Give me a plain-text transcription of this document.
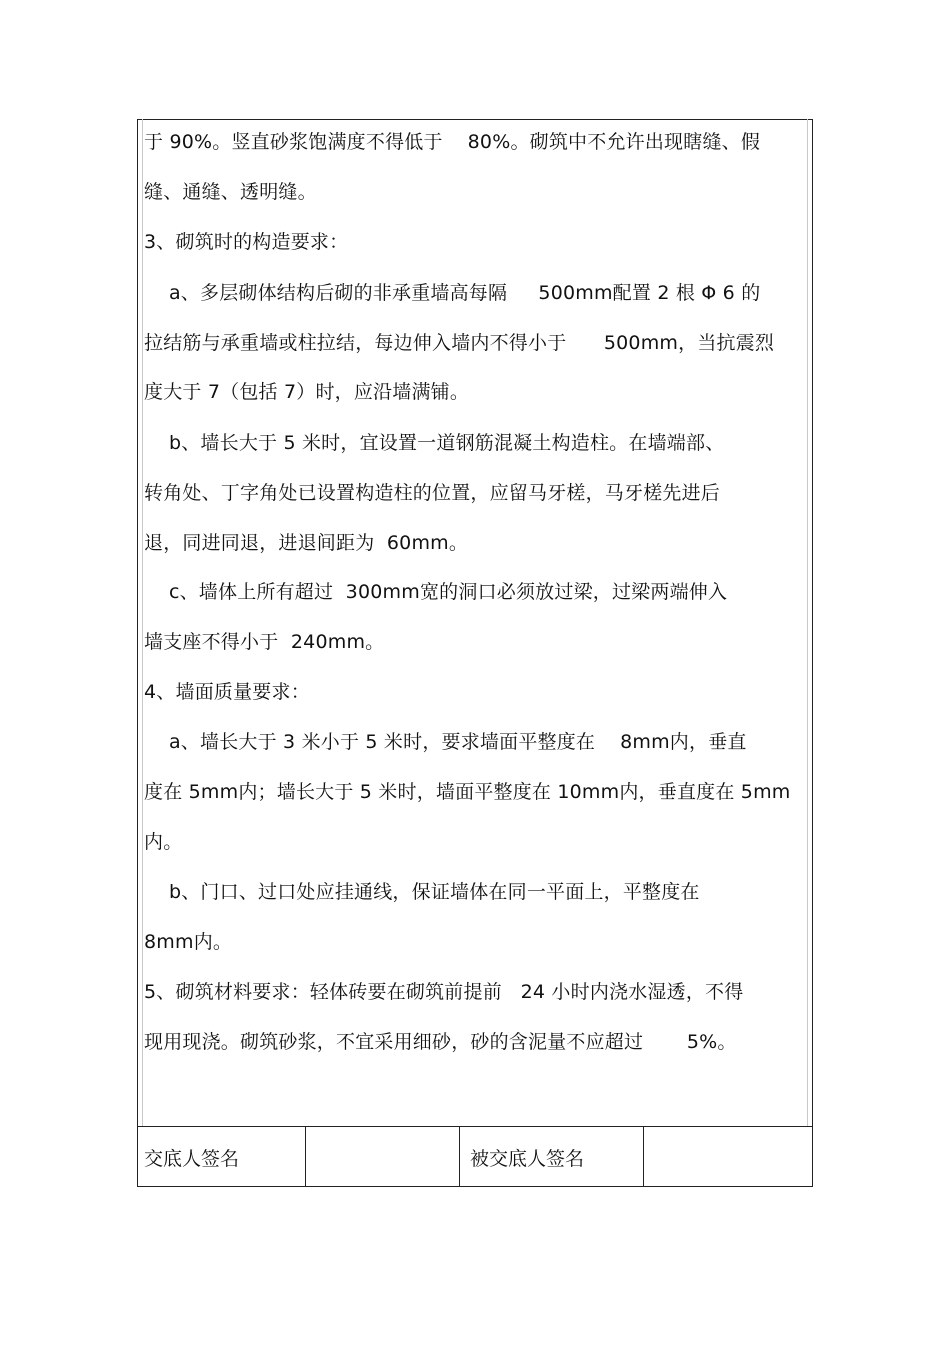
于 90%。竖直砂浆饱满度不得低于    80%。砌筑中不允许出现瞎缝、假
缝、通缝、透明缝。
3、砌筑时的构造要求：
a、多层砌体结构后砌的非承重墙高每隔     500mm配置 2 根 Φ 6 的
拉结筋与承重墙或柱拉结，每边伸入墙内不得小于      500mm，当抗震烈
度大于 7（包括 7）时，应沿墙满铺。
b、墙长大于 5 米时，宜设置一道钢筋混凝土构造柱。在墙端部、
转角处、丁字角处已设置构造柱的位置，应留马牙槎，马牙槎先进后
退，同进同退，进退间距为  60mm。
c、墙体上所有超过  300mm宽的洞口必须放过梁，过梁两端伸入
墙支座不得小于  240mm。
4、墙面质量要求：
a、墙长大于 3 米小于 5 米时，要求墙面平整度在    8mm内，垂直
度在 5mm内；墙长大于 5 米时，墙面平整度在 10mm内，垂直度在 5mm
内。
b、门口、过口处应挂通线，保证墙体在同一平面上，平整度在
8mm内。
5、砌筑材料要求：轻体砖要在砌筑前提前   24 小时内浇水湿透，不得
现用现浇。砌筑砂浆，不宜采用细砂，砂的含泥量不应超过       5%。
交底人签名	被交底人签名
